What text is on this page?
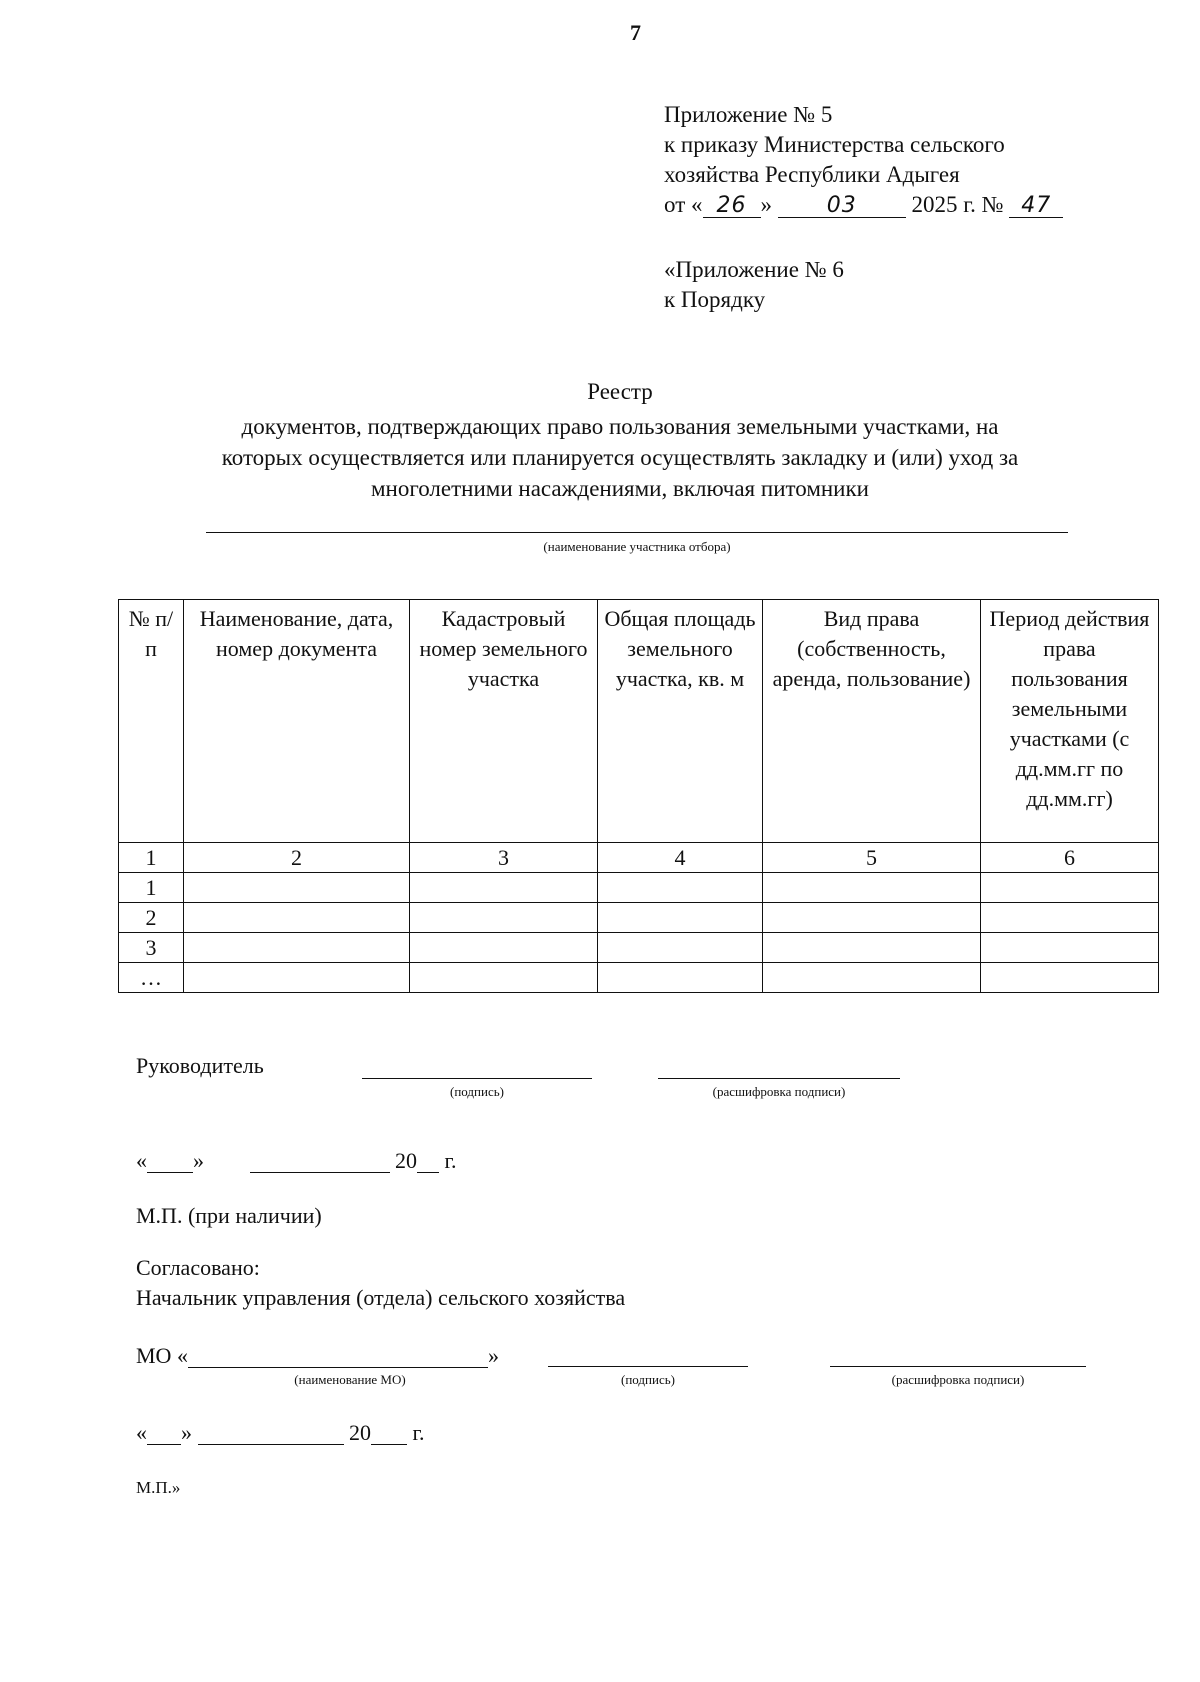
7
Приложение № 5
к приказу Министерства сельского
хозяйства Республики Адыгея
от « 26 » 03 2025 г. № 47
«Приложение № 6
к Порядку
Реестр
документов, подтверждающих право пользования земельными участками, на
которых осуществляется или планируется осуществлять закладку и (или) уход за
многолетними насаждениями, включая питомники
(наименование участника отбора)
№ п/п	Наименование, дата, номер документа	Кадастровый номер земельного участка	Общая площадь земельного участка, кв. м	Вид права (собственность, аренда, пользование)	Период действия права пользования земельными участками (с дд.мм.гг по дд.мм.гг)
1	2	3	4	5	6
1					
2					
3					
…					
Руководитель
(подпись)	(расшифровка подписи)
« »	20 г.
М.П. (при наличии)
Согласовано:
Начальник управления (отдела) сельского хозяйства
МО «	»
(наименование МО)	(подпись)	(расшифровка подписи)
« »	20 г.
М.П.»
